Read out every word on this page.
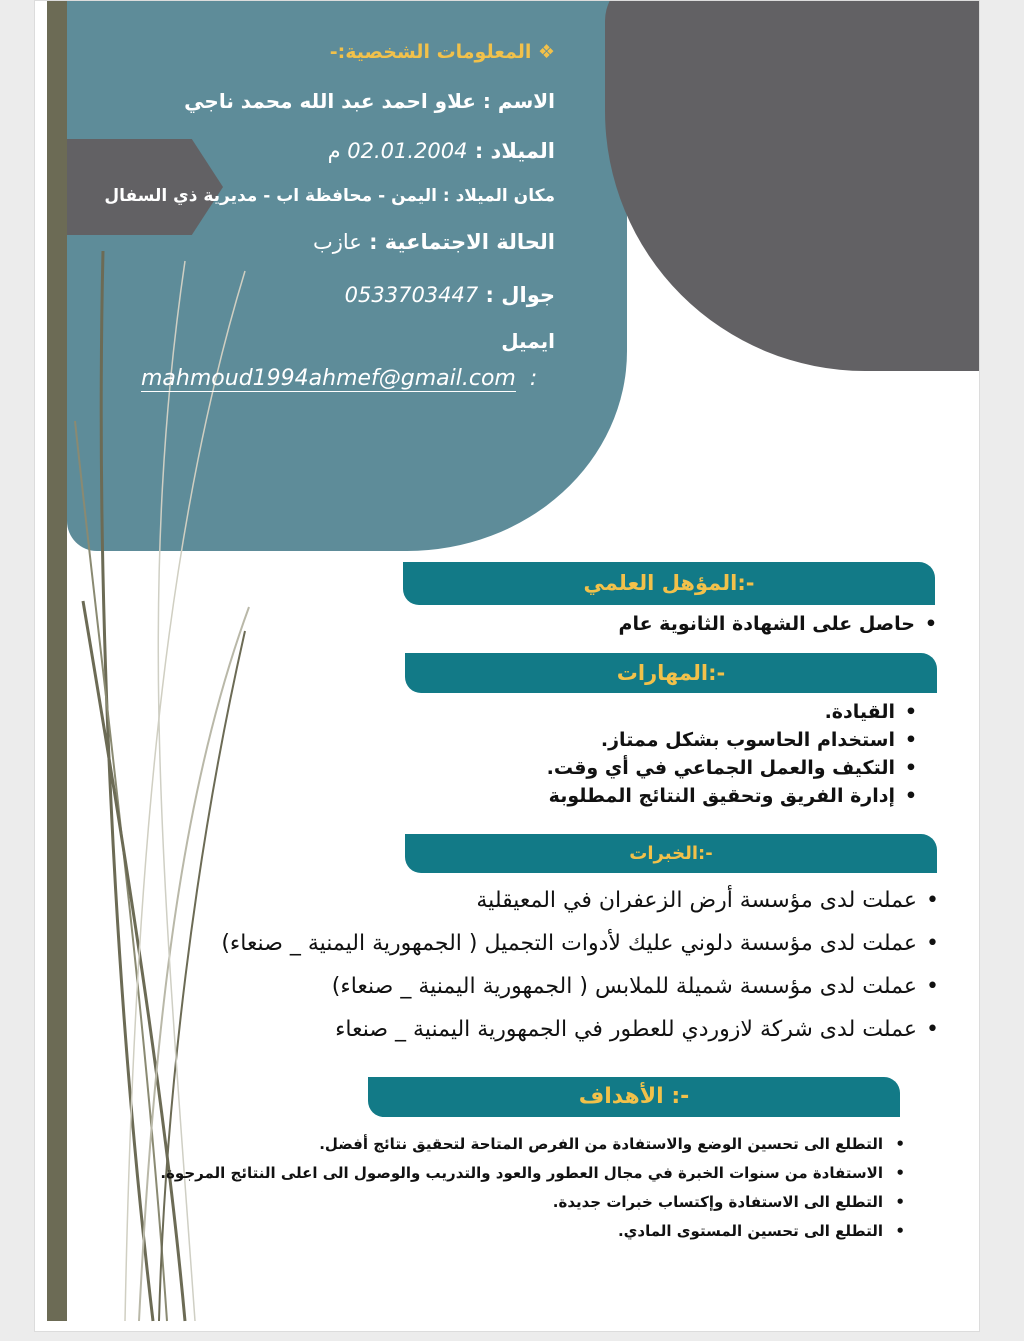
❖ المعلومات الشخصية:-
الاسم : علاو احمد عبد الله محمد ناجي
الميلاد : 02.01.2004 م
مكان الميلاد : اليمن - محافظة اب - مديرية ذي السفال
الحالة الاجتماعية : عازب
جوال : 0533703447
ايميل
mahmoud1994ahmef@gmail.com :
المؤهل العلمي:-
• حاصل على الشهادة الثانوية عام
المهارات:-
• القيادة.
• استخدام الحاسوب بشكل ممتاز.
• التكيف والعمل الجماعي في أي وقت.
• إدارة الفريق وتحقيق النتائج المطلوبة
الخبرات:-
• عملت لدى مؤسسة أرض الزعفران في المعيقلية
• عملت لدى مؤسسة دلوني عليك لأدوات التجميل ( الجمهورية اليمنية _ صنعاء)
• عملت لدى مؤسسة شميلة للملابس ( الجمهورية اليمنية _ صنعاء)
• عملت لدى شركة لازوردي للعطور في الجمهورية اليمنية _ صنعاء
الأهداف :-
• التطلع الى تحسين الوضع والاستفادة من الفرص المتاحة لتحقيق نتائج أفضل.
• الاستفادة من سنوات الخبرة في مجال العطور والعود والتدريب والوصول الى اعلى النتائج المرجوة.
• التطلع الى الاستفادة وإكتساب خبرات جديدة.
• التطلع الى تحسين المستوى المادي.
